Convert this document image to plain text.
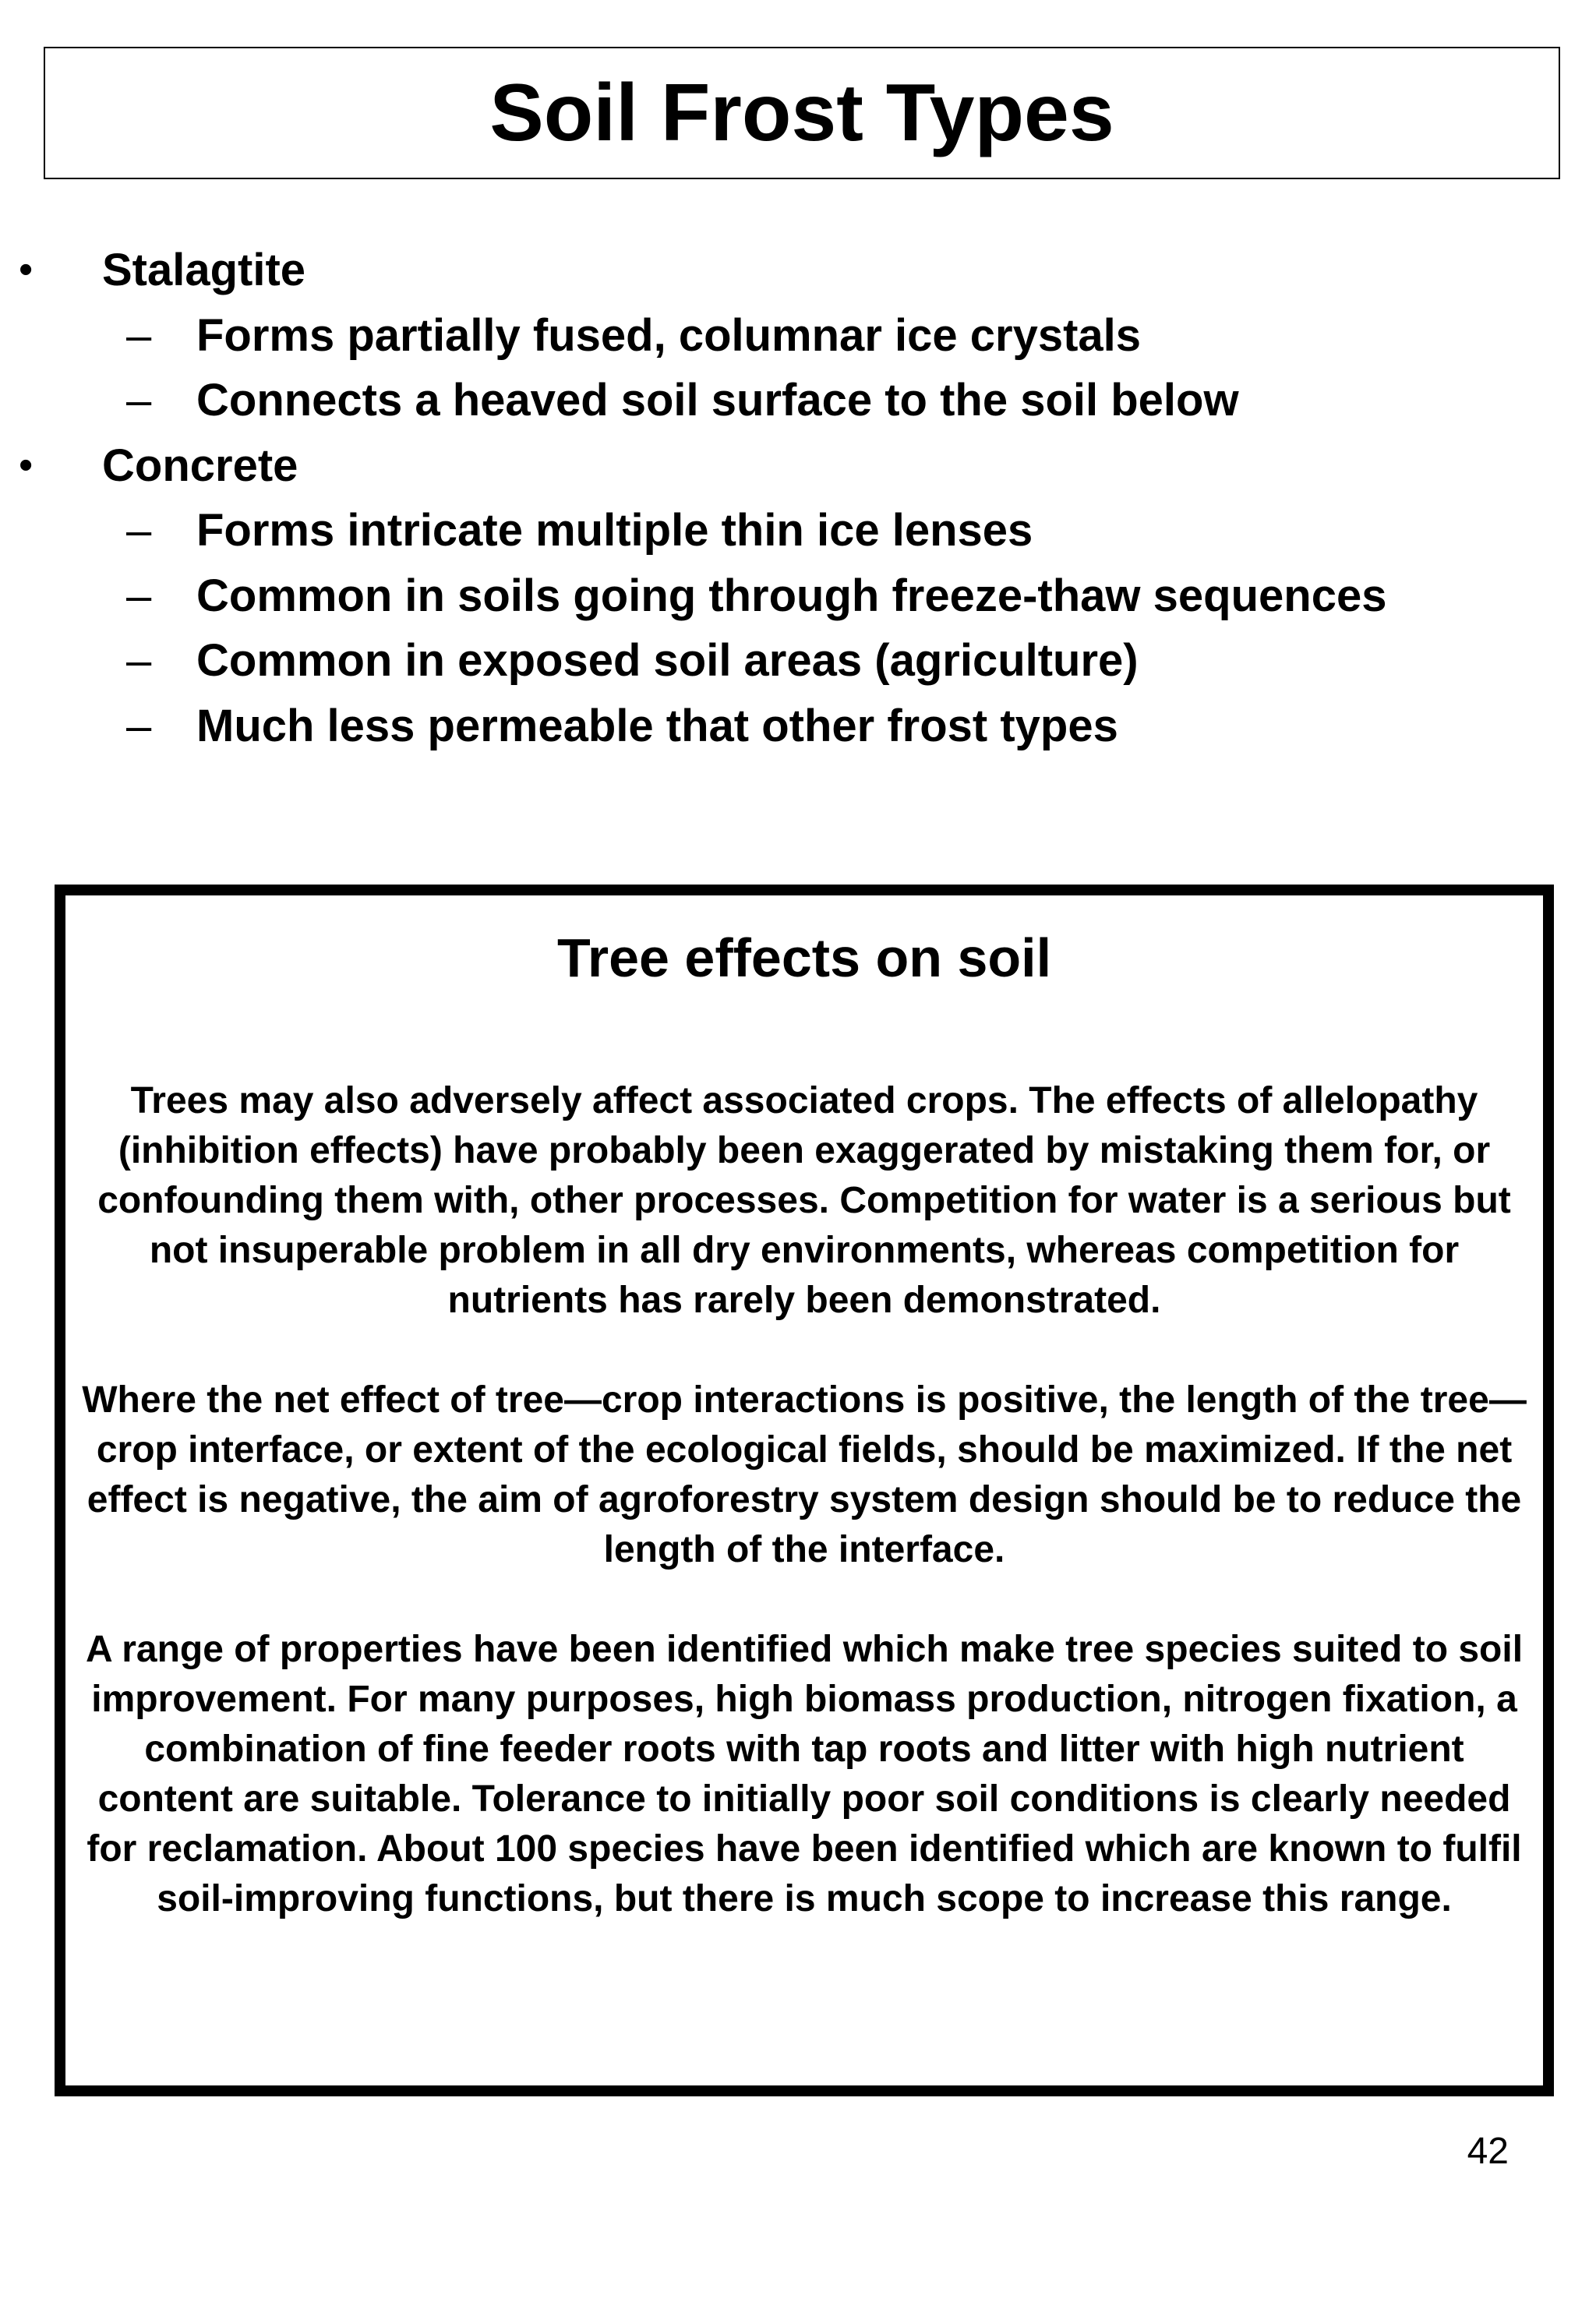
Soil Frost Types
• Stalagtite
– Forms partially fused, columnar ice crystals
– Connects a heaved soil surface to the soil below
• Concrete
– Forms intricate multiple thin ice lenses
– Common in soils going through freeze-thaw sequences
– Common in exposed soil areas (agriculture)
– Much less permeable that other frost types
Tree effects on soil

Trees may also adversely affect associated crops. The effects of allelopathy (inhibition effects) have probably been exaggerated by mistaking them for, or confounding them with, other processes. Competition for water is a serious but not insuperable problem in all dry environments, whereas competition for nutrients has rarely been demonstrated.

Where the net effect of tree—crop interactions is positive, the length of the tree—crop interface, or extent of the ecological fields, should be maximized. If the net effect is negative, the aim of agroforestry system design should be to reduce the length of the interface.

A range of properties have been identified which make tree species suited to soil improvement. For many purposes, high biomass production, nitrogen fixation, a combination of fine feeder roots with tap roots and litter with high nutrient content are suitable. Tolerance to initially poor soil conditions is clearly needed for reclamation. About 100 species have been identified which are known to fulfil soil-improving functions, but there is much scope to increase this range.

42
